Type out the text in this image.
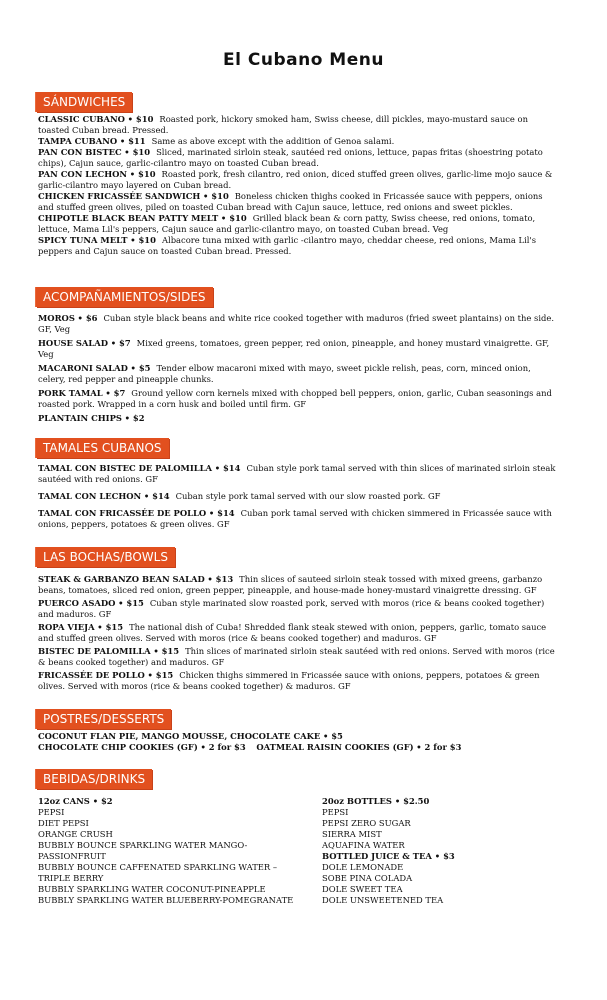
El Cubano Menu
SÁNDWICHES
CLASSIC CUBANO • $10 Roasted pork, hickory smoked ham, Swiss cheese, dill pickles, mayo-mustard sauce on toasted Cuban bread. Pressed.
TAMPA CUBANO • $11 Same as above except with the addition of Genoa salami.
PAN CON BISTEC • $10 Sliced, marinated sirloin steak, sautéed red onions, lettuce, papas fritas (shoestring potato chips), Cajun sauce, garlic-cilantro mayo on toasted Cuban bread.
PAN CON LECHON • $10 Roasted pork, fresh cilantro, red onion, diced stuffed green olives, garlic-lime mojo sauce & garlic-cilantro mayo layered on Cuban bread.
CHICKEN FRICASSÉE SANDWICH • $10 Boneless chicken thighs cooked in Fricassée sauce with peppers, onions and stuffed green olives, piled on toasted Cuban bread with Cajun sauce, lettuce, red onions and sweet pickles.
CHIPOTLE BLACK BEAN PATTY MELT • $10 Grilled black bean & corn patty, Swiss cheese, red onions, tomato, lettuce, Mama Lil's peppers, Cajun sauce and garlic-cilantro mayo, on toasted Cuban bread. Veg
SPICY TUNA MELT • $10 Albacore tuna mixed with garlic -cilantro mayo, cheddar cheese, red onions, Mama Lil's peppers and Cajun sauce on toasted Cuban bread. Pressed.
ACOMPAÑAMIENTOS/SIDES
MOROS • $6 Cuban style black beans and white rice cooked together with maduros (fried sweet plantains) on the side. GF, Veg
HOUSE SALAD • $7 Mixed greens, tomatoes, green pepper, red onion, pineapple, and honey mustard vinaigrette. GF, Veg
MACARONI SALAD • $5 Tender elbow macaroni mixed with mayo, sweet pickle relish, peas, corn, minced onion, celery, red pepper and pineapple chunks.
PORK TAMAL • $7 Ground yellow corn kernels mixed with chopped bell peppers, onion, garlic, Cuban seasonings and roasted pork. Wrapped in a corn husk and boiled until firm. GF
PLANTAIN CHIPS • $2
TAMALES CUBANOS
TAMAL CON BISTEC DE PALOMILLA • $14 Cuban style pork tamal served with thin slices of marinated sirloin steak sautéed with red onions. GF
TAMAL CON LECHON • $14 Cuban style pork tamal served with our slow roasted pork. GF
TAMAL CON FRICASSÉE DE POLLO • $14 Cuban pork tamal served with chicken simmered in Fricassée sauce with onions, peppers, potatoes & green olives. GF
LAS BOCHAS/BOWLS
STEAK & GARBANZO BEAN SALAD • $13 Thin slices of sauteed sirloin steak tossed with mixed greens, garbanzo beans, tomatoes, sliced red onion, green pepper, pineapple, and house-made honey-mustard vinaigrette dressing. GF
PUERCO ASADO • $15 Cuban style marinated slow roasted pork, served with moros (rice & beans cooked together) and maduros. GF
ROPA VIEJA • $15 The national dish of Cuba! Shredded flank steak stewed with onion, peppers, garlic, tomato sauce and stuffed green olives. Served with moros (rice & beans cooked together) and maduros. GF
BISTEC DE PALOMILLA • $15 Thin slices of marinated sirloin steak sautéed with red onions. Served with moros (rice & beans cooked together) and maduros. GF
FRICASSÉE DE POLLO • $15 Chicken thighs simmered in Fricassée sauce with onions, peppers, potatoes & green olives. Served with moros (rice & beans cooked together) & maduros. GF
POSTRES/DESSERTS
COCONUT FLAN PIE, MANGO MOUSSE, CHOCOLATE CAKE • $5
CHOCOLATE CHIP COOKIES (GF) • 2 for $3 OATMEAL RAISIN COOKIES (GF) • 2 for $3
BEBIDAS/DRINKS
12oz CANS • $2
PEPSI
DIET PEPSI
ORANGE CRUSH
BUBBLY BOUNCE SPARKLING WATER MANGO-PASSIONFRUIT
BUBBLY BOUNCE CAFFENATED SPARKLING WATER – TRIPLE BERRY
BUBBLY SPARKLING WATER COCONUT-PINEAPPLE
BUBBLY SPARKLING WATER BLUEBERRY-POMEGRANATE
20oz BOTTLES • $2.50
PEPSI
PEPSI ZERO SUGAR
SIERRA MIST
AQUAFINA WATER
BOTTLED JUICE & TEA • $3
DOLE LEMONADE
SOBE PINA COLADA
DOLE SWEET TEA
DOLE UNSWEETENED TEA
